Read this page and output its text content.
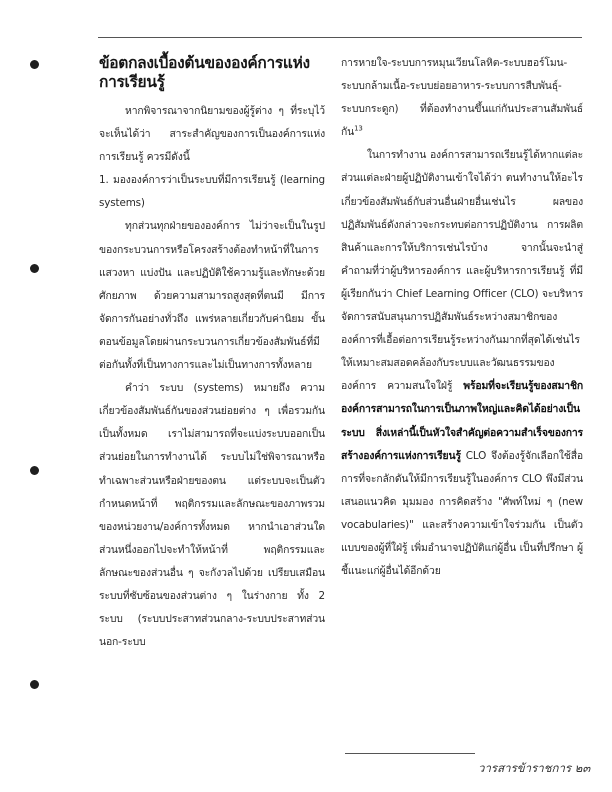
ข้อตกลงเบื้องต้นขององค์การแห่งการเรียนรู้

หากพิจารณาจากนิยามของผู้รู้ต่าง ๆ ที่ระบุไว้จะเห็นได้ว่า สาระสำคัญของการเป็นองค์การแห่งการเรียนรู้ ควรมีดังนี้

1. มององค์การว่าเป็นระบบที่มีการเรียนรู้ (learning systems)

ทุกส่วนทุกฝ่ายขององค์การ ไม่ว่าจะเป็นในรูปของกระบวนการหรือโครงสร้างต้องทำหน้าที่ในการแสวงหา แบ่งปัน และปฏิบัติใช้ความรู้และทักษะด้วยศักยภาพ ด้วยความสามารถสูงสุดที่ตนมี มีการจัดการกันอย่างทั่วถึง แพร่หลายเกี่ยวกับค่านิยม ขั้นตอนข้อมูลโดยผ่านกระบวนการเกี่ยวข้องสัมพันธ์ที่มีต่อกันทั้งที่เป็นทางการและไม่เป็นทางการทั้งหลาย

คำว่า ระบบ (systems) หมายถึง ความเกี่ยวข้องสัมพันธ์กันของส่วนย่อยต่าง ๆ เพื่อรวมกันเป็นทั้งหมด เราไม่สามารถที่จะแบ่งระบบออกเป็นส่วนย่อยในการทำงานได้ ระบบไม่ใช่พิจารณาหรือทำเฉพาะส่วนหรือฝ่ายของตน แต่ระบบจะเป็นตัวกำหนดหน้าที่ พฤติกรรมและลักษณะของภาพรวมของหน่วยงาน/องค์การทั้งหมด หากนำเอาส่วนใดส่วนหนึ่งออกไปจะทำให้หน้าที่ พฤติกรรมและลักษณะของส่วนอื่น ๆ จะกังวลไปด้วย เปรียบเสมือนระบบที่ซับซ้อนของส่วนต่าง ๆ ในร่างกาย ทั้ง 2 ระบบ (ระบบประสาทส่วนกลาง-ระบบประสาทส่วนนอก-ระบบ

การหายใจ-ระบบการหมุนเวียนโลหิต-ระบบฮอร์โมน-ระบบกล้ามเนื้อ-ระบบย่อยอาหาร-ระบบการสืบพันธุ์-ระบบกระดูก) ที่ต้องทำงานขึ้นแก่กันประสานสัมพันธ์กัน$^{13}$

ในการทำงาน องค์การสามารถเรียนรู้ได้หากแต่ละส่วนแต่ละฝ่ายผู้ปฏิบัติงานเข้าใจได้ว่า ตนทำงานให้อะไร เกี่ยวข้องสัมพันธ์กับส่วนอื่นฝ่ายอื่นเช่นไร ผลของปฏิสัมพันธ์ดังกล่าวจะกระทบต่อการปฏิบัติงาน การผลิตสินค้าและการให้บริการเช่นไรบ้าง จากนั้นจะนำสู่ คำถามที่ว่าผู้บริหารองค์การ และผู้บริหารการเรียนรู้ ที่มีผู้เรียกกันว่า Chief Learning Officer (CLO) จะบริหารจัดการสนับสนุนการปฏิสัมพันธ์ระหว่างสมาชิกขององค์การที่เอื้อต่อการเรียนรู้ระหว่างกันมากที่สุดได้เช่นไร ให้เหมาะสมสอดคล้องกับระบบและวัฒนธรรมขององค์การ ความสนใจใฝ่รู้ พร้อมที่จะเรียนรู้ของสมาชิกองค์การสามารถในการเป็นภาพใหญ่และคิดได้อย่างเป็นระบบ สิ่งเหล่านี้เป็นหัวใจสำคัญต่อความสำเร็จของการสร้างองค์การแห่งการเรียนรู้ CLO จึงต้องรู้จักเลือกใช้สื่อการที่จะกลักดันให้มีการเรียนรู้ในองค์การ CLO พึงมีส่วนเสนอแนวคิด มุมมอง การคิดสร้าง "ศัพท์ใหม่ ๆ (new vocabularies)" และสร้างความเข้าใจร่วมกัน เป็นตัวแบบของผู้ที่ใฝ่รู้ เพิ่มอำนาจปฏิบัติแก่ผู้อื่น เป็นที่ปรึกษา ผู้ชี้แนะแก่ผู้อื่นได้อีกด้วย

วารสารข้าราชการ ๒๓
